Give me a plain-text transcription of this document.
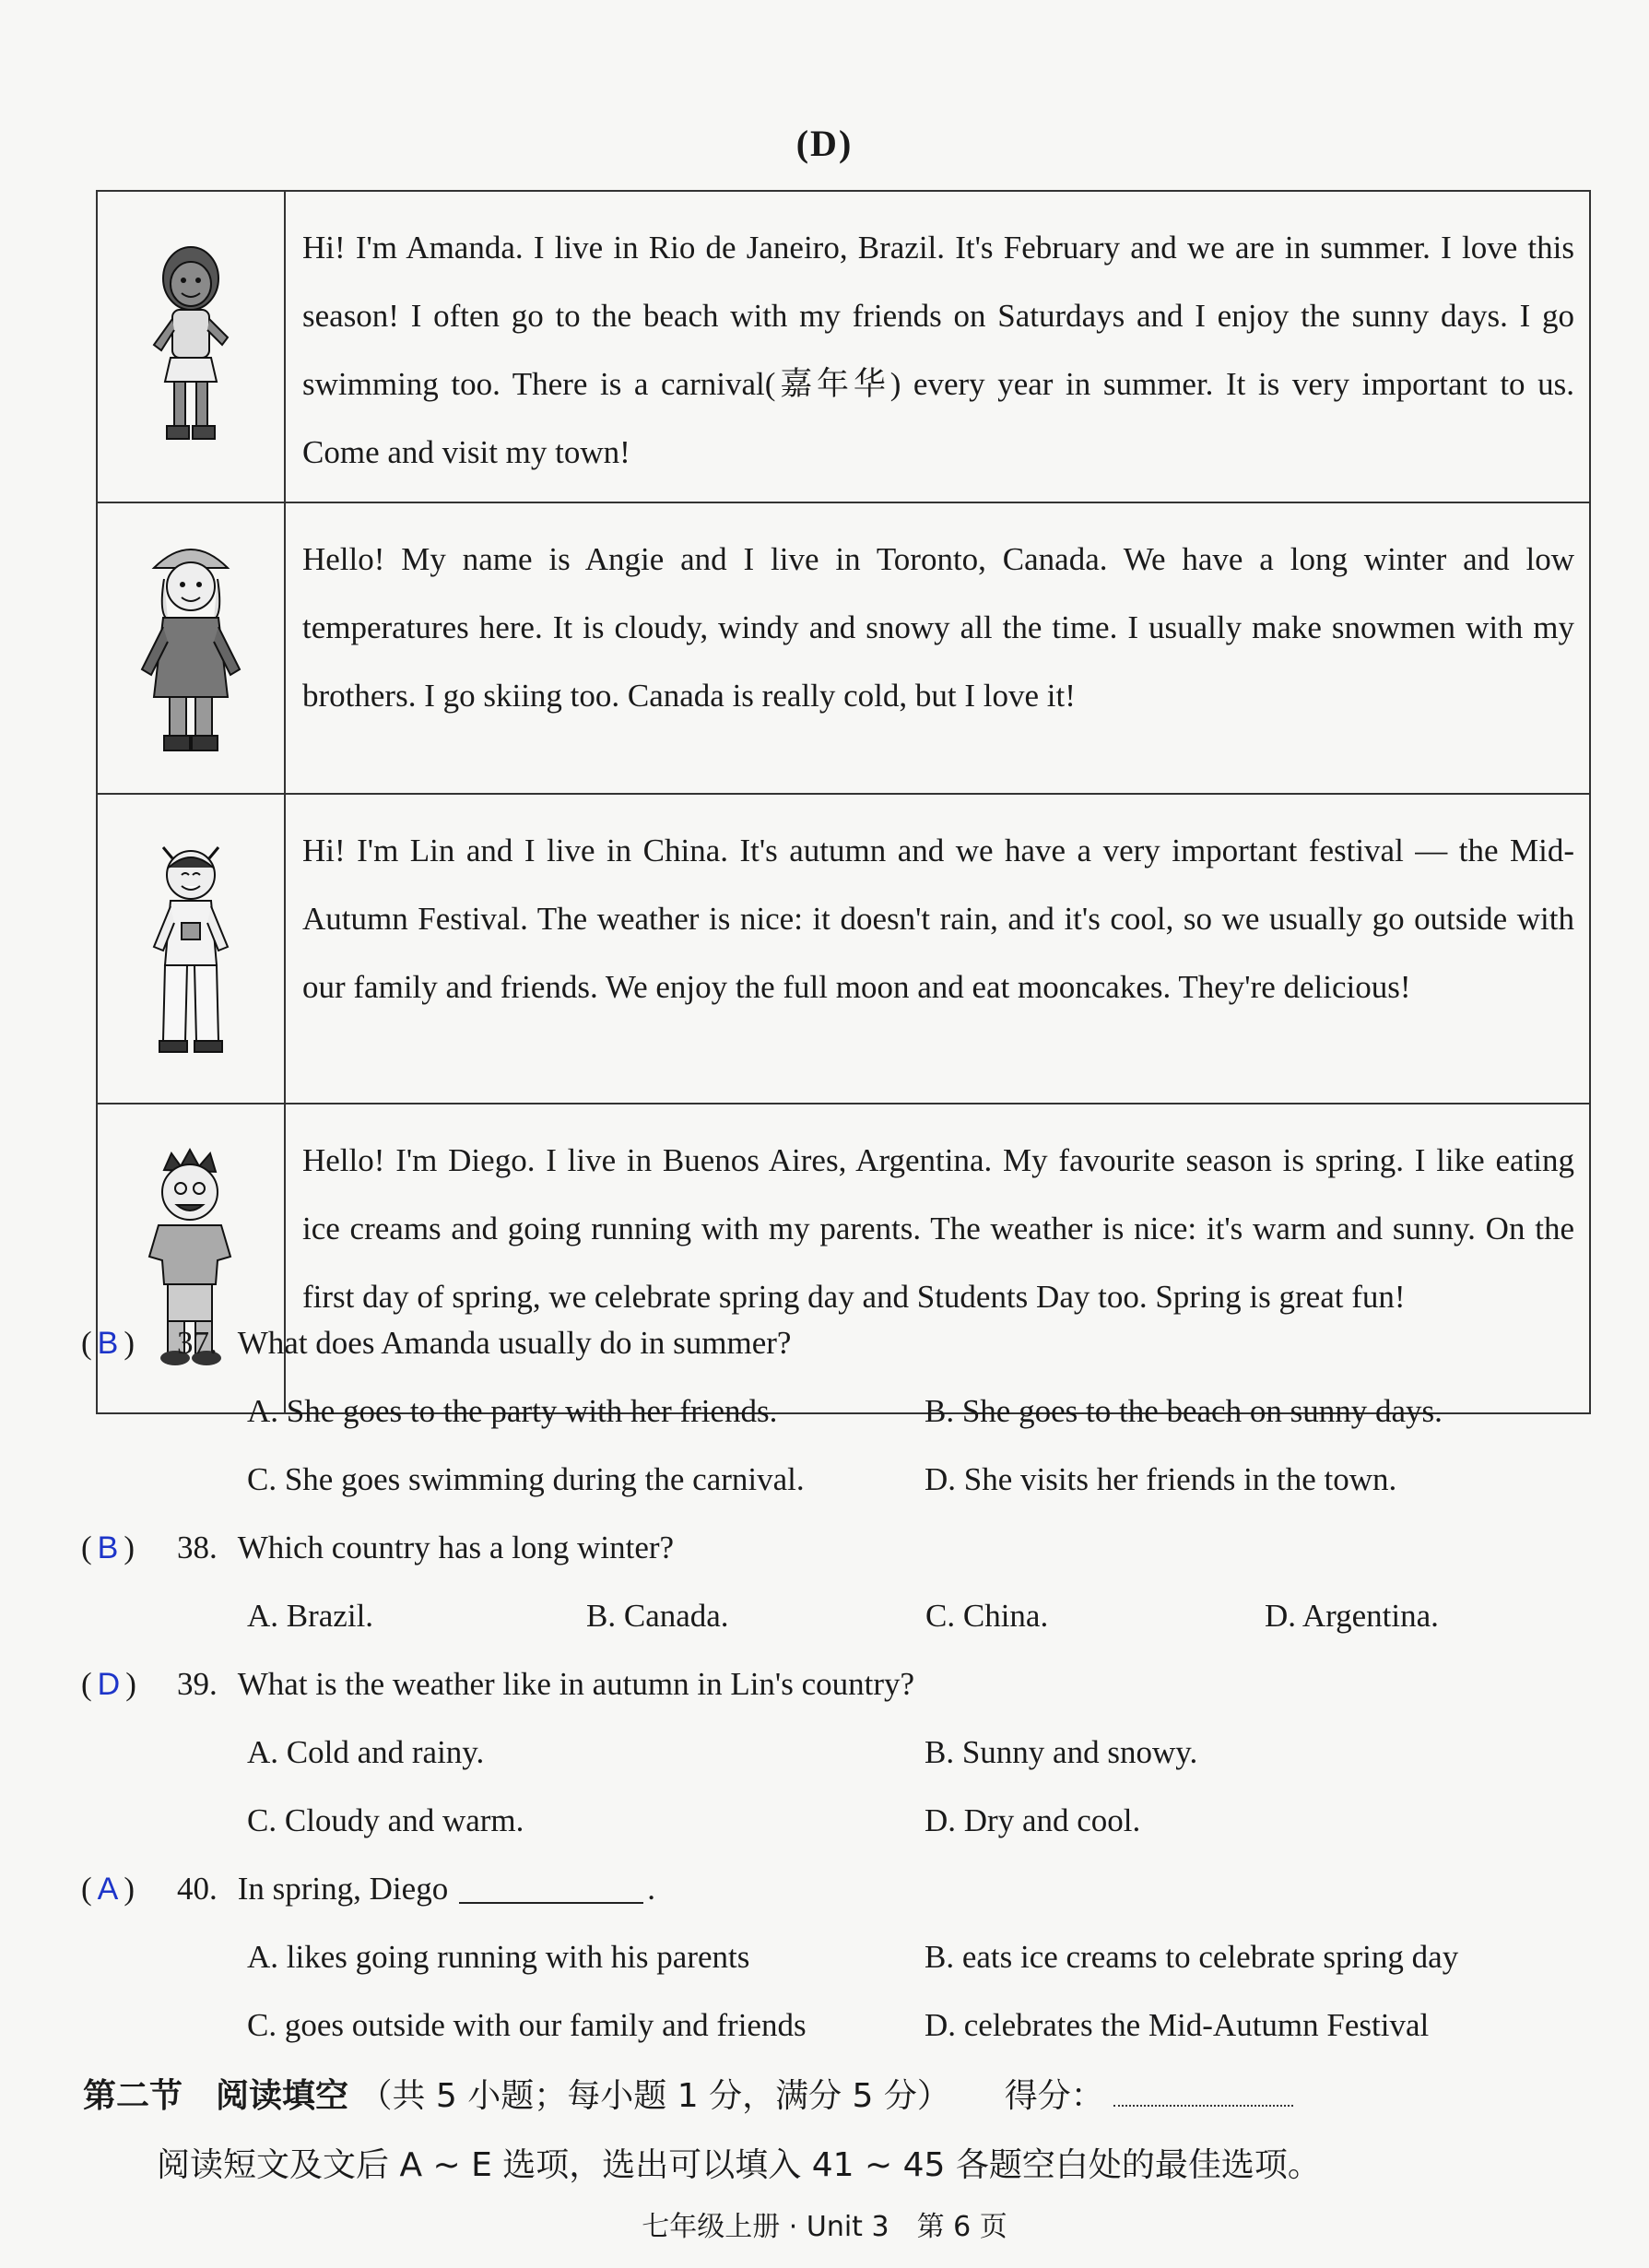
(D)
	Hi! I'm Amanda. I live in Rio de Janeiro, Brazil. It's February and we are in summer. I love this season! I often go to the beach with my friends on Saturdays and I enjoy the sunny days. I go swimming too. There is a carnival(嘉年华) every year in summer. It is very important to us. Come and visit my town!
	Hello! My name is Angie and I live in Toronto, Canada. We have a long winter and low temperatures here. It is cloudy, windy and snowy all the time. I usually make snowmen with my brothers. I go skiing too. Canada is really cold, but I love it!
	Hi! I'm Lin and I live in China. It's autumn and we have a very important festival — the Mid-Autumn Festival. The weather is nice: it doesn't rain, and it's cool, so we usually go outside with our family and friends. We enjoy the full moon and eat mooncakes. They're delicious!
	Hello! I'm Diego. I live in Buenos Aires, Argentina. My favourite season is spring. I like eating ice creams and going running with my parents. The weather is nice: it's warm and sunny. On the first day of spring, we celebrate spring day and Students Day too. Spring is great fun!
( B )	37. What does Amanda usually do in summer?
A. She goes to the party with her friends.	B. She goes to the beach on sunny days.
C. She goes swimming during the carnival.	D. She visits her friends in the town.
( B )	38. Which country has a long winter?
A. Brazil.	B. Canada.	C. China.	D. Argentina.
( D )	39. What is the weather like in autumn in Lin's country?
A. Cold and rainy.	B. Sunny and snowy.
C. Cloudy and warm.	D. Dry and cool.
( A )	40. In spring, Diego	.
A. likes going running with his parents	B. eats ice creams to celebrate spring day
C. goes outside with our family and friends	D. celebrates the Mid-Autumn Festival
第二节 阅读填空 （共 5 小题；每小题 1 分，满分 5 分） 得分：
阅读短文及文后 A ~ E 选项，选出可以填入 41 ~ 45 各题空白处的最佳选项。
七年级上册 · Unit 3　第 6 页
